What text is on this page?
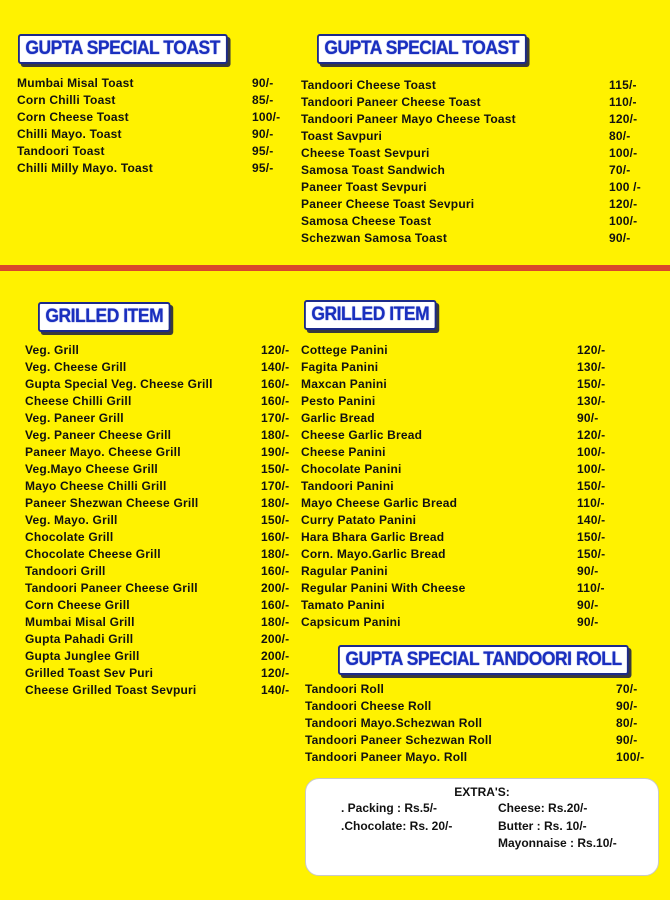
GUPTA SPECIAL TOAST	GUPTA SPECIAL TOAST
GRILLED ITEM	GRILLED ITEM
GUPTA SPECIAL TANDOORI ROLL
Mumbai Misal Toast	90/-
Corn Chilli Toast	85/-
Corn Cheese Toast	100/-
Chilli Mayo. Toast	90/-
Tandoori Toast	95/-
Chilli Milly Mayo. Toast	95/-
Tandoori Cheese Toast	115/-
Tandoori Paneer Cheese Toast	110/-
Tandoori Paneer Mayo Cheese Toast	120/-
Toast Savpuri	80/-
Cheese Toast Sevpuri	100/-
Samosa Toast Sandwich	70/-
Paneer Toast Sevpuri	100 /-
Paneer Cheese Toast Sevpuri	120/-
Samosa Cheese Toast	100/-
Schezwan Samosa Toast	90/-
Veg. Grill	120/-
Veg. Cheese Grill	140/-
Gupta Special Veg. Cheese Grill	160/-
Cheese Chilli Grill	160/-
Veg. Paneer Grill	170/-
Veg. Paneer Cheese Grill	180/-
Paneer Mayo. Cheese Grill	190/-
Veg.Mayo Cheese Grill	150/-
Mayo Cheese Chilli Grill	170/-
Paneer Shezwan Cheese Grill	180/-
Veg. Mayo. Grill	150/-
Chocolate Grill	160/-
Chocolate Cheese Grill	180/-
Tandoori Grill	160/-
Tandoori Paneer Cheese Grill	200/-
Corn Cheese Grill	160/-
Mumbai Misal Grill	180/-
Gupta Pahadi Grill	200/-
Gupta Junglee Grill	200/-
Grilled Toast Sev Puri	120/-
Cheese Grilled Toast Sevpuri	140/-
Cottege Panini	120/-
Fagita Panini	130/-
Maxcan Panini	150/-
Pesto Panini	130/-
Garlic Bread	90/-
Cheese Garlic Bread	120/-
Cheese Panini	100/-
Chocolate Panini	100/-
Tandoori Panini	150/-
Mayo Cheese Garlic Bread	110/-
Curry Patato Panini	140/-
Hara Bhara Garlic Bread	150/-
Corn. Mayo.Garlic Bread	150/-
Ragular Panini	90/-
Regular Panini With Cheese	110/-
Tamato Panini	90/-
Capsicum Panini	90/-
Tandoori Roll	70/-
Tandoori Cheese Roll	90/-
Tandoori Mayo.Schezwan Roll	80/-
Tandoori Paneer Schezwan Roll	90/-
Tandoori Paneer Mayo. Roll	100/-
EXTRA'S:
. Packing : Rs.5/-
.Chocolate: Rs. 20/-
Cheese: Rs.20/-
Butter : Rs. 10/-
Mayonnaise : Rs.10/-
